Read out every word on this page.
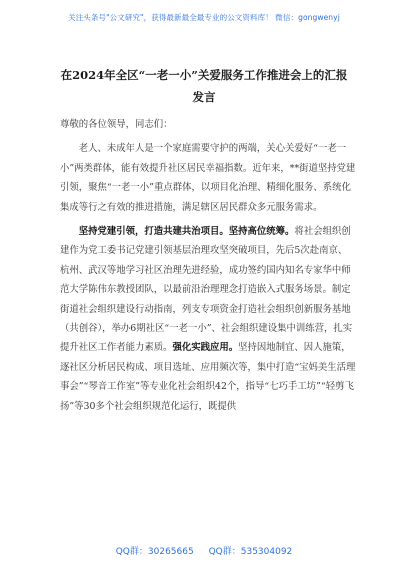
关注头条号"公文研究"，获得最新最全最专业的公文资料库！ 微信：gongwenyj
在2024年全区“一老一小”关爱服务工作推进会上的汇报
发言

尊敬的各位领导，同志们：

老人、未成年人是一个家庭需要守护的两端，关心关爱好“一老一小”两类群体，能有效提升社区居民幸福指数。近年来，**街道坚持党建引领，聚焦“一老一小”重点群体，以项目化治理、精细化服务、系统化集成等行之有效的推进措施，满足辖区居民群众多元服务需求。

坚持党建引领，打造共建共治项目。坚持高位统筹。将社会组织创建作为党工委书记党建引领基层治理攻坚突破项目，先后5次赴南京、杭州、武汉等地学习社区治理先进经验，成功签约国内知名专家华中师范大学陈伟东教授团队，以最前沿治理理念打造嵌入式服务场景。制定街道社会组织建设行动指南，列支专项资金打造社会组织创新服务基地（共创谷），举办6期社区“一老一小”、社会组织建设集中训练营，扎实提升社区工作者能力素质。强化实践应用。坚持因地制宜、因人施策，逐社区分析居民构成、项目选址、应用频次等，集中打造“宝妈美生活理事会”“琴音工作室”等专业化社会组织42个，指导“七巧手工坊”“轻剪飞扬”等30多个社会组织规范化运行，既提供

QQ群：30265665 QQ群：535304092
